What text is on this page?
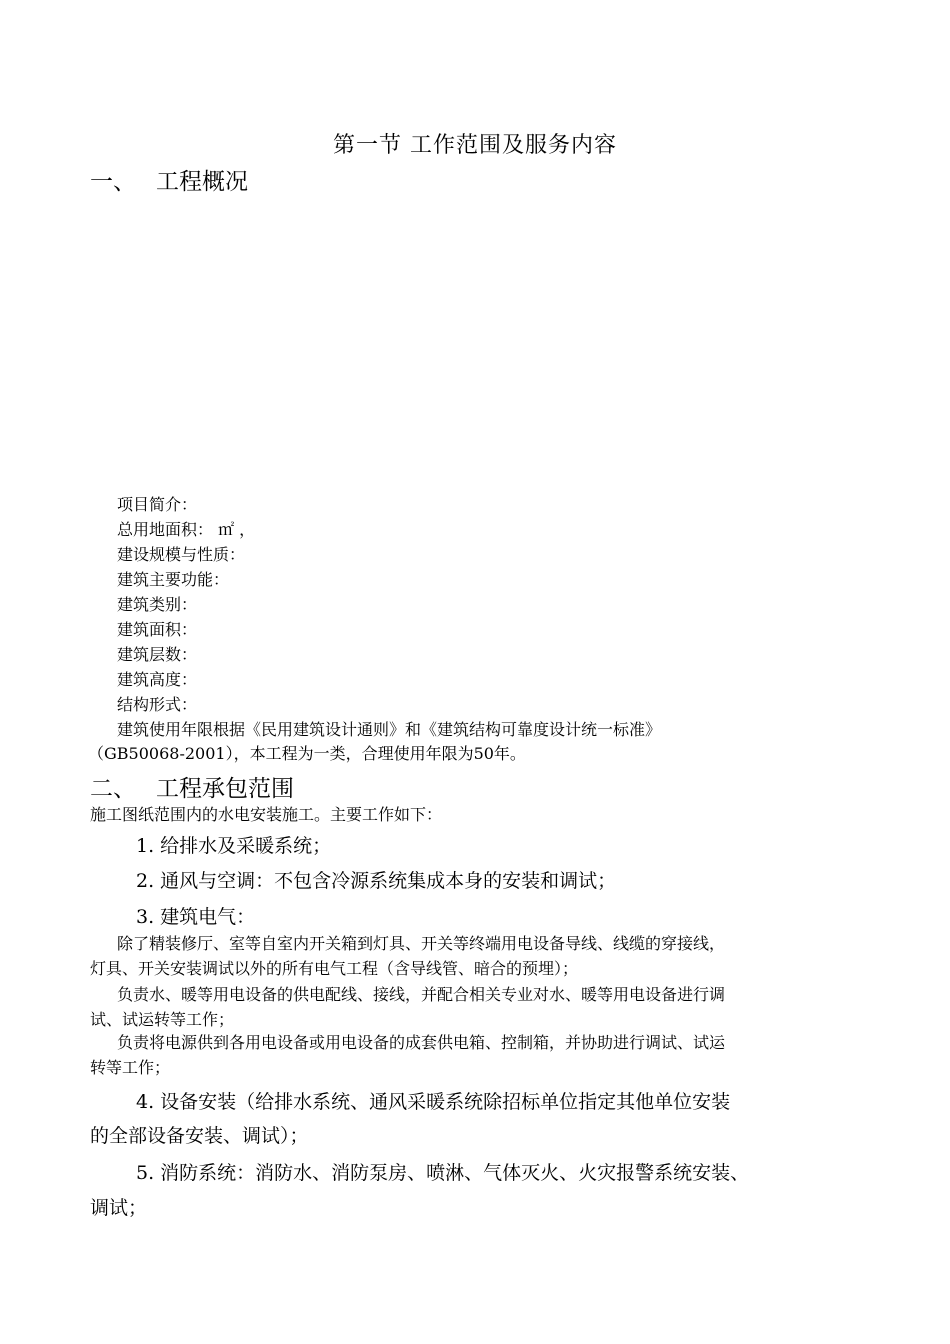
第一节 工作范围及服务内容
一、 工程概况
项目简介：
总用地面积： ㎡ ，
建设规模与性质：
建筑主要功能：
建筑类别：
建筑面积：
建筑层数：
建筑高度：
结构形式：
建筑使用年限根据《民用建筑设计通则》和《建筑结构可靠度设计统一标准》
（GB50068-2001），本工程为一类，合理使用年限为50年。
二、 工程承包范围
施工图纸范围内的水电安装施工。主要工作如下：
1. 给排水及采暖系统；
2. 通风与空调：不包含冷源系统集成本身的安装和调试；
3. 建筑电气：
除了精装修厅、室等自室内开关箱到灯具、开关等终端用电设备导线、线缆的穿接线，
灯具、开关安装调试以外的所有电气工程（含导线管、暗合的预埋）；
负责水、暖等用电设备的供电配线、接线，并配合相关专业对水、暖等用电设备进行调
试、试运转等工作；
负责将电源供到各用电设备或用电设备的成套供电箱、控制箱，并协助进行调试、试运
转等工作；
4. 设备安装（给排水系统、通风采暖系统除招标单位指定其他单位安装
的全部设备安装、调试）；
5. 消防系统：消防水、消防泵房、喷淋、气体灭火、火灾报警系统安装、
调试；
